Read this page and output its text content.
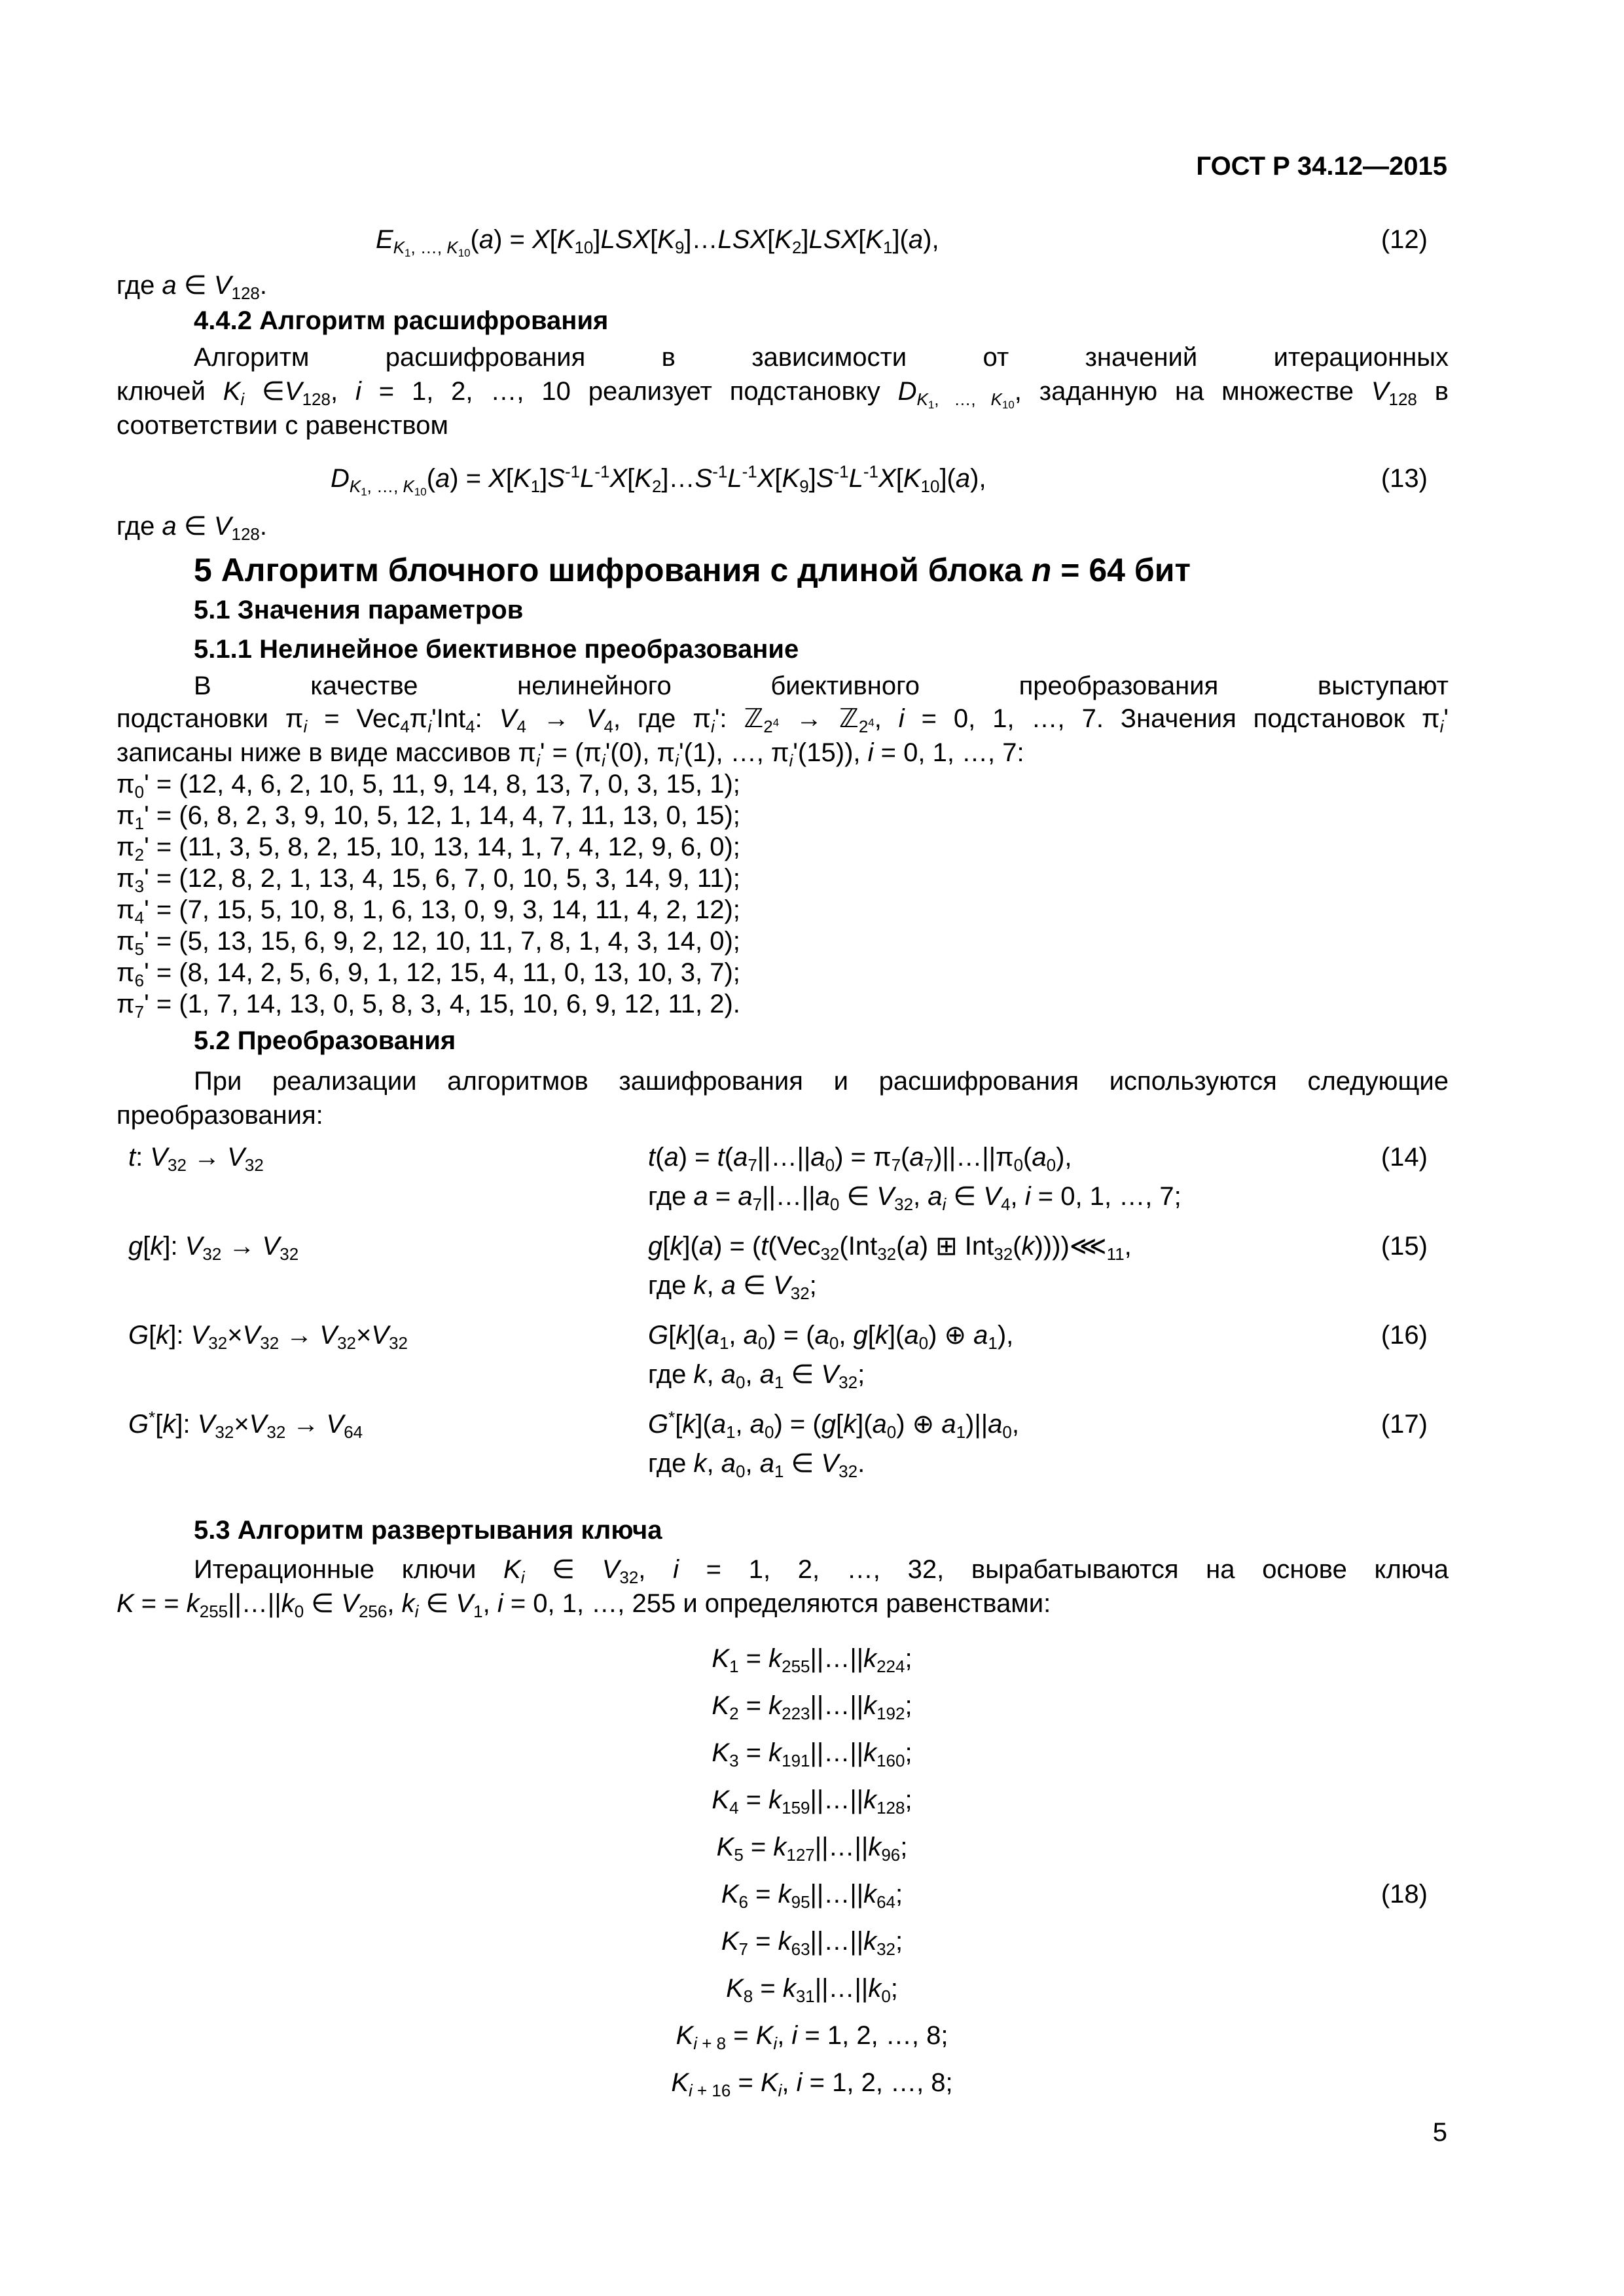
ГОСТ Р 34.12—2015
$E_{K_1, \dots, K_{10}}(a)$ = $X[K_{10}]LSX[K_9]\dots LSX[K_2]LSX[K_1](a)$,	(12)
где a ∈ $V_{128}$.
4.4.2 Алгоритм расшифрования
Алгоритм расшифрования в зависимости от значений итерационных
ключей $K_i$ $\in V_{128}$, i = 1, 2, …, 10 реализует подстановку $D_{K_1, \dots, K_{10}}$, заданную на множестве $V_{128}$ в
соответствии с равенством
$D_{K_1, \dots, K_{10}}(a)$ = $X[K_1]S^{-1}L^{-1}X[K_2]\dots S^{-1}L^{-1}X[K_9]S^{-1}L^{-1}X[K_{10}](a)$,	(13)
где a ∈ $V_{128}$.
5 Алгоритм блочного шифрования с длиной блока n = 64 бит
5.1 Значения параметров
5.1.1 Нелинейное биективное преобразование
В качестве нелинейного биективного преобразования выступают
подстановки $\pi_i = Vec_4\pi_i'Int_4$: $V_4 \to V_4$, где $\pi_i'$: ℤ$_{2^4}$ → ℤ$_{2^4}$, i = 0, 1, …, 7. Значения подстановок $\pi_i'$
записаны ниже в виде массивов $\pi_i' = (\pi_i'(0)$, $\pi_i'(1)$, …, $\pi_i'(15)$), i = 0, 1, …, 7:
$\pi_0' = (12$, 4, 6, 2, 10, 5, 11, 9, 14, 8, 13, 7, 0, 3, 15, 1);
$\pi_1' = (6$, 8, 2, 3, 9, 10, 5, 12, 1, 14, 4, 7, 11, 13, 0, 15);
$\pi_2' = (11$, 3, 5, 8, 2, 15, 10, 13, 14, 1, 7, 4, 12, 9, 6, 0);
$\pi_3' = (12$, 8, 2, 1, 13, 4, 15, 6, 7, 0, 10, 5, 3, 14, 9, 11);
$\pi_4' = (7$, 15, 5, 10, 8, 1, 6, 13, 0, 9, 3, 14, 11, 4, 2, 12);
$\pi_5' = (5$, 13, 15, 6, 9, 2, 12, 10, 11, 7, 8, 1, 4, 3, 14, 0);
$\pi_6' = (8$, 14, 2, 5, 6, 9, 1, 12, 15, 4, 11, 0, 13, 10, 3, 7);
$\pi_7' = (1$, 7, 14, 13, 0, 5, 8, 3, 4, 15, 10, 6, 9, 12, 11, 2).
5.2 Преобразования
При реализации алгоритмов зашифрования и расшифрования используются следующие
преобразования:
t: $V_{32} \to V_{32}$	$t(a) = t(a_7||\dots||a_0)$ = $\pi_7(a_7)||\dots||\pi_0(a_0)$,
где $a = a_7||\dots||a_0$ ∈ $V_{32}$, $a_i$ ∈ $V_4$, i = 0, 1, …, 7;
(14)
g[k]: $V_{32} \to V_{32}$	g[k](a) = (t(Vec$_{32}$(Int$_{32}$(a) ⊞ $Int_{32}(k))))⋘_{11}$,
где k, a ∈ $V_{32}$;
(15)
G[k]: $V_{32}\times V_{32} \to V_{32}\times V_{32}$	$G[k](a_1$, $a_0) = (a_0$, $g[k](a_0)$ ⊕ $a_1$),
где k, $a_0$, $a_1$ ∈ $V_{32}$;
(16)
G*[k]: $V_{32}\times V_{32} \to V_{64}$	$G^*[k](a_1$, $a_0) = (g[k](a_0)$ ⊕ $a_1)||a_0$,
где k, $a_0$, $a_1$ ∈ $V_{32}$.
(17)
5.3 Алгоритм развертывания ключа
Итерационные ключи $K_i$ ∈ $V_{32}$, i = 1, 2, …, 32, вырабатываются на основе ключа
K = = $k_{255}||\dots||k_0$ ∈ $V_{256}$, $k_i$ ∈ $V_1$, i = 0, 1, …, 255 и определяются равенствами:
$K_1$ = $k_{255}||\dots||k_{224}$;
$K_2$ = $k_{223}||\dots||k_{192}$;
$K_3$ = $k_{191}||\dots||k_{160}$;
$K_4$ = $k_{159}||\dots||k_{128}$;
$K_5$ = $k_{127}||\dots||k_{96}$;
$K_6$ = $k_{95}||\dots||k_{64}$;
$K_7$ = $k_{63}||\dots||k_{32}$;
$K_8$ = $k_{31}||\dots||k_0$;
$K_{i + 8} = K_i$, i = 1, 2, …, 8;
$K_{i + 16} = K_i$, i = 1, 2, …, 8;
(18)
5
